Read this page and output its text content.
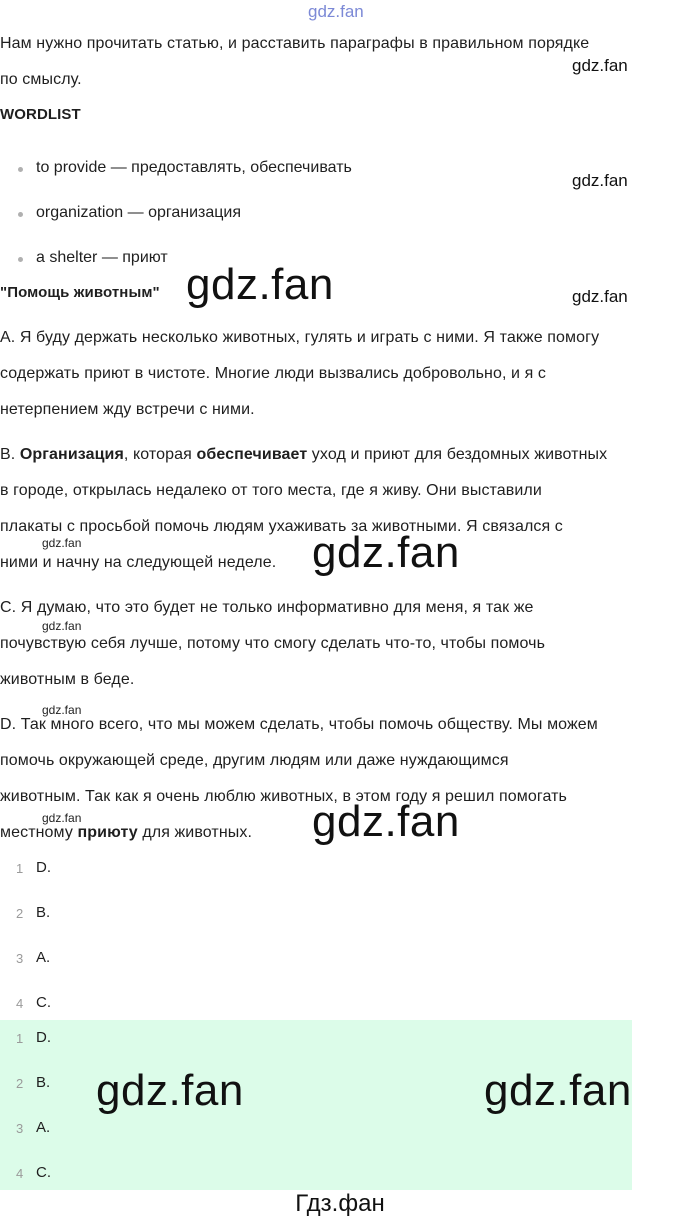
gdz.fan
Нам нужно прочитать статью, и расставить параграфы в правильном порядке
по смыслу.
gdz.fan
WORDLIST
to provide — предоставлять, обеспечивать
organization — организация
a shelter — приют
gdz.fan
"Помощь животным" gdz.fan	gdz.fan
A. Я буду держать несколько животных, гулять и играть с ними. Я также помогу
содержать приют в чистоте. Многие люди вызвались добровольно, и я с
нетерпением жду встречи с ними.
B. Организация, которая обеспечивает уход и приют для бездомных животных
в городе, открылась недалеко от того места, где я живу. Они выставили
плакаты с просьбой помочь людям ухаживать за животными. Я связался с
ними и начну на следующей неделе.
gdz.fan	gdz.fan
C. Я думаю, что это будет не только информативно для меня, я так же
почувствую себя лучше, потому что смогу сделать что-то, чтобы помочь
животным в беде.
gdz.fan
D. Так много всего, что мы можем сделать, чтобы помочь обществу. Мы можем
помочь окружающей среде, другим людям или даже нуждающимся
животным. Так как я очень люблю животных, в этом году я решил помогать
местному приюту для животных.
gdz.fan
gdz.fan	gdz.fan
1 D.
2 B.
3 A.
4 C.
1 D.
2 B.
3 A.
4 C.
gdz.fan	gdz.fan
Гдз.фан
